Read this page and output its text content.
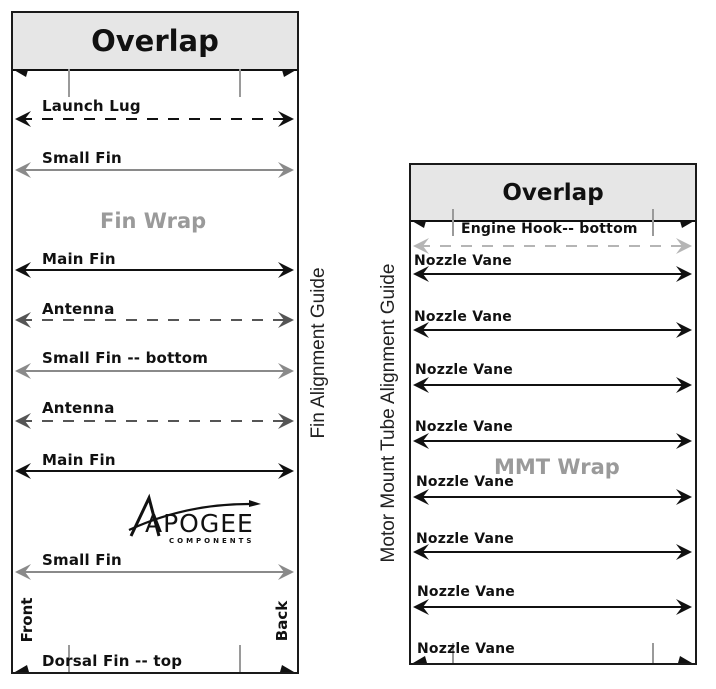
Overlap
Fin Wrap
Launch Lug
Small Fin
Main Fin
Antenna
Small Fin -- bottom
Antenna
Main Fin
Small Fin
Dorsal Fin -- top
Front	Back
APOGEE
COMPONENTS
Fin Alignment Guide
Overlap
MMT Wrap
Engine Hook-- bottom
Nozzle Vane
Nozzle Vane
Nozzle Vane
Nozzle Vane
Nozzle Vane
Nozzle Vane
Nozzle Vane
Nozzle Vane
Motor Mount Tube Alignment Guide
